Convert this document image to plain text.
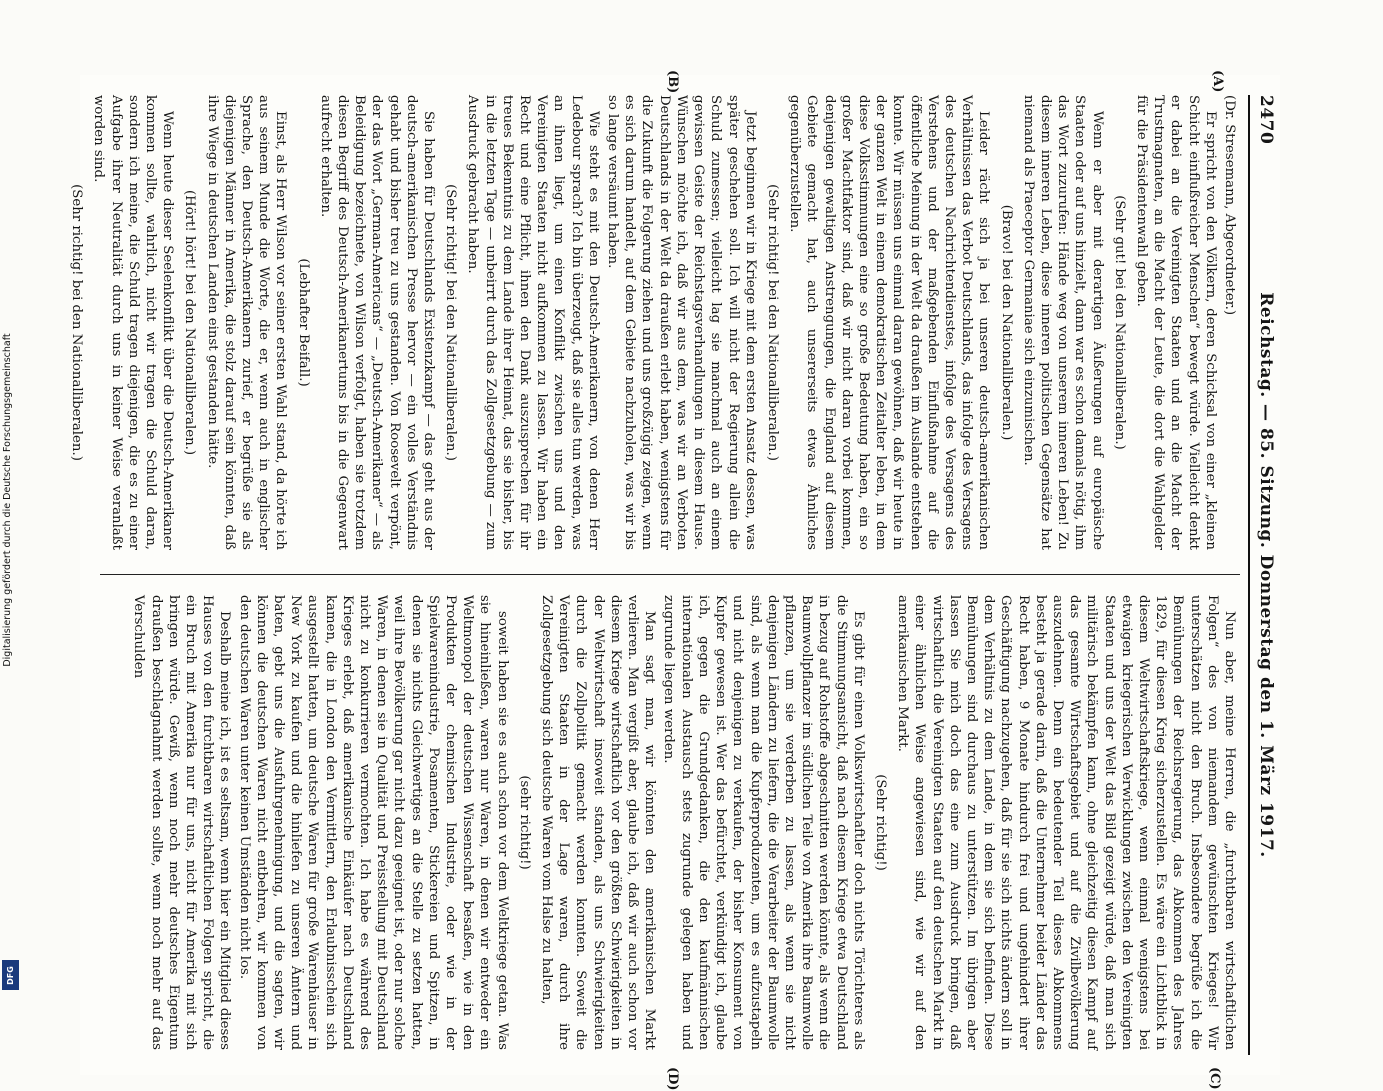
Digitalisierung gefördert durch die Deutsche Forschungsgemeinschaft
DFG
2470
Reichstag. — 85. Sitzung. Donnerstag den 1. März 1917.
(A)
(B)
(C)
(D)

(Dr. Stresemann, Abgeordneter.)

Er spricht von den Völkern, deren Schicksal von einer „kleinen Schicht einflußreicher Menschen“ bewegt würde. Vielleicht denkt er dabei an die Vereinigten Staaten und an die Macht der Trustmagnaten, an die Macht der Leute, die dort die Wahlgelder für die Präsidentenwahl geben.

(Sehr gut! bei den Nationalliberalen.)

Wenn er aber mit derartigen Äußerungen auf europäische Staaten oder auf uns hinzielt, dann war es schon damals nötig, ihm das Wort zuzurufen: Hände weg von unserem inneren Leben! Zu diesem inneren Leben, diese inneren politischen Gegensätze hat niemand als Praeceptor Germaniae sich einzumischen.

(Bravo! bei den Nationalliberalen.)

Leider rächt sich ja bei unseren deutsch-amerikanischen Verhältnissen das Verbot Deutschlands, das infolge des Versagens des deutschen Nachrichtendienstes, infolge des Versagens des Verstehens und der maßgebenden Einflußnahme auf die öffentliche Meinung in der Welt da draußen im Auslande entstehen konnte. Wir müssen uns einmal daran gewöhnen, daß wir heute in der ganzen Welt in einem demokratischen Zeitalter leben, in dem diese Volksstimmungen eine so große Bedeutung haben, ein so großer Machtfaktor sind, daß wir nicht daran vorbei kommen, denjenigen gewaltigen Anstrengungen, die England auf diesem Gebiete gemacht hat, auch unsererseits etwas Ähnliches gegenüberzustellen.

(Sehr richtig! bei den Nationalliberalen.)

Jetzt beginnen wir in Kriege mit dem ersten Ansatz dessen, was später geschehen soll. Ich will nicht der Regierung allein die Schuld zumessen; vielleicht lag sie manchmal auch an einem gewissen Geiste der Reichstagsverhandlungen in diesem Hause. Wünschen möchte ich, daß wir aus dem, was wir an Verboten Deutschlands in der Welt da draußen erlebt haben, wenigstens für die Zukunft die Folgerung ziehen und uns großzügig zeigen, wenn es sich darum handelt, auf dem Gebiete nachzuholen, was wir bis so lange versäumt haben.

Wie steht es mit den Deutsch-Amerikanern, von denen Herr Ledebour sprach? Ich bin überzeugt, daß sie alles tun werden, was an ihnen liegt, um einen Konflikt zwischen uns und den Vereinigten Staaten nicht aufkommen zu lassen. Wir haben ein Recht und eine Pflicht, ihnen den Dank auszusprechen für ihr treues Bekenntnis zu dem Lande ihrer Heimat, das sie bisher, bis in die letzten Tage — unbeirrt durch das Zollgesetzgebung — zum Ausdruck gebracht haben.

(Sehr richtig! bei den Nationalliberalen.)

Sie haben für Deutschlands Existenzkampf — das geht aus der deutsch-amerikanischen Presse hervor — ein volles Verständnis gehabt und bisher treu zu uns gestanden. Von Roosevelt verpönt, der das Wort „German-Americans“ — „Deutsch-Amerikaner“ — als Beleidigung bezeichnete, von Wilson verfolgt, haben sie trotzdem diesen Begriff des Deutsch-Amerikanertums bis in die Gegenwart aufrecht erhalten.

(Lebhafter Beifall.)

Einst, als Herr Wilson vor seiner ersten Wahl stand, da hörte ich aus seinem Munde die Worte, die er, wenn auch in englischer Sprache, den Deutsch-Amerikanern zurief, er begrüße sie als diejenigen Männer in Amerika, die stolz darauf sein könnten, daß ihre Wiege in deutschen Landen einst gestanden hätte.

(Hört! hört! bei den Nationalliberalen.)

Wenn heute dieser Seelenkonflikt über die Deutsch-Amerikaner kommen sollte, wahrlich, nicht wir tragen die Schuld daran, sondern ich meine, die Schuld tragen diejenigen, die es zu einer Aufgabe ihrer Neutralität durch uns in keiner Weise veranlaßt worden sind.

(Sehr richtig! bei den Nationalliberalen.)

Nun aber, meine Herren, die „furchtbaren wirtschaftlichen Folgen“ des von niemandem gewünschten Krieges! Wir unterschätzen nicht den Bruch. Insbesondere begrüße ich die Bemühungen der Reichsregierung, das Abkommen des Jahres 1829, für diesen Krieg sicherzustellen. Es wäre ein Lichtblick in diesem Weltwirtschaftskriege, wenn einmal wenigstens bei etwaigen kriegerischen Verwicklungen zwischen den Vereinigten Staaten und uns der Welt das Bild gezeigt würde, daß man sich militärisch bekämpfen kann, ohne gleichzeitig diesen Kampf auf das gesamte Wirtschaftsgebiet und auf die Zivilbevölkerung auszudehnen. Denn ein bedeutender Teil dieses Abkommens besteht ja gerade darin, daß die Unternehmer beider Länder das Recht haben, 9 Monate hindurch frei und ungehindert ihrer Geschäftigung nachzugehen, daß für sie sich nichts ändern soll in dem Verhältnis zu dem Lande, in dem sie sich befinden. Diese Bemühungen sind durchaus zu unterstützen. Im übrigen aber lassen Sie mich doch das eine zum Ausdruck bringen, daß wirtschaftlich die Vereinigten Staaten auf den deutschen Markt in einer ähnlichen Weise angewiesen sind, wie wir auf den amerikanischen Markt.

(Sehr richtig!)

Es gibt für einen Volkswirtschaftler doch nichts Törichteres als die Stimmungsansicht, daß nach diesem Kriege etwa Deutschland in bezug auf Rohstoffe abgeschnitten werden könnte, als wenn die Baumwollpflanzer im südlichen Teile von Amerika ihre Baumwolle pflanzen, um sie verderben zu lassen, als wenn sie nicht denjenigen Ländern zu liefern, die die Verarbeiter der Baumwolle sind, als wenn man die Kupferproduzenten, um es aufzustapeln und nicht denjenigen zu verkaufen, der bisher Konsument von Kupfer gewesen ist. Wer das befürchtet, verkündigt ich, glaube ich, gegen die Grundgedanken, die den kaufmännischen internationalen Austausch stets zugrunde gelegen haben und zugrunde liegen werden.

Man sagt man, wir könnten den amerikanischen Markt verlieren. Man vergißt aber, glaube ich, daß wir auch schon vor diesem Kriege wirtschaftlich vor den größten Schwierigkeiten in der Weltwirtschaft insoweit standen, als uns Schwierigkeiten durch die Zollpolitik gemacht werden konnten. Soweit die Vereinigten Staaten in der Lage waren, durch ihre Zollgesetzgebung sich deutsche Waren vom Halse zu halten,

(sehr richtig!)

soweit haben sie es auch schon vor dem Weltkriege getan. Was sie hineinließen, waren nur Waren, in denen wir entweder ein Weltmonopol der deutschen Wissenschaft besaßen, wie in den Produkten der chemischen Industrie, oder wie in der Spielwarenindustrie, Posamenten, Stickereien und Spitzen, in denen sie nichts Gleichwertiges an die Stelle zu setzen hatten, weil ihre Bevölkerung gar nicht dazu geeignet ist, oder nur solche Waren, in denen sie in Qualität und Preisstellung mit Deutschland nicht zu konkurrieren vermochten. Ich habe es während des Krieges erlebt, daß amerikanische Einkäufer nach Deutschland kamen, die in London den Vermittlern, den Erlaubnisschein sich ausgestellt hatten, um deutsche Waren für große Warenhäuser in New York zu kaufen und die hinliefen zu unseren Ämtern und baten, gebt uns die Ausfuhrgenehmigung, und die sagten, wir können die deutschen Waren nicht entbehren, wir kommen von den deutschen Waren unter keinen Umständen nicht los.

Deshalb meine ich, ist es seltsam, wenn hier ein Mitglied dieses Hauses von den furchtbaren wirtschaftlichen Folgen spricht, die ein Bruch mit Amerika nur für uns, nicht für Amerika mit sich bringen würde. Gewiß, wenn noch mehr deutsches Eigentum draußen beschlagnahmt werden sollte, wenn noch mehr auf das Verschulden
